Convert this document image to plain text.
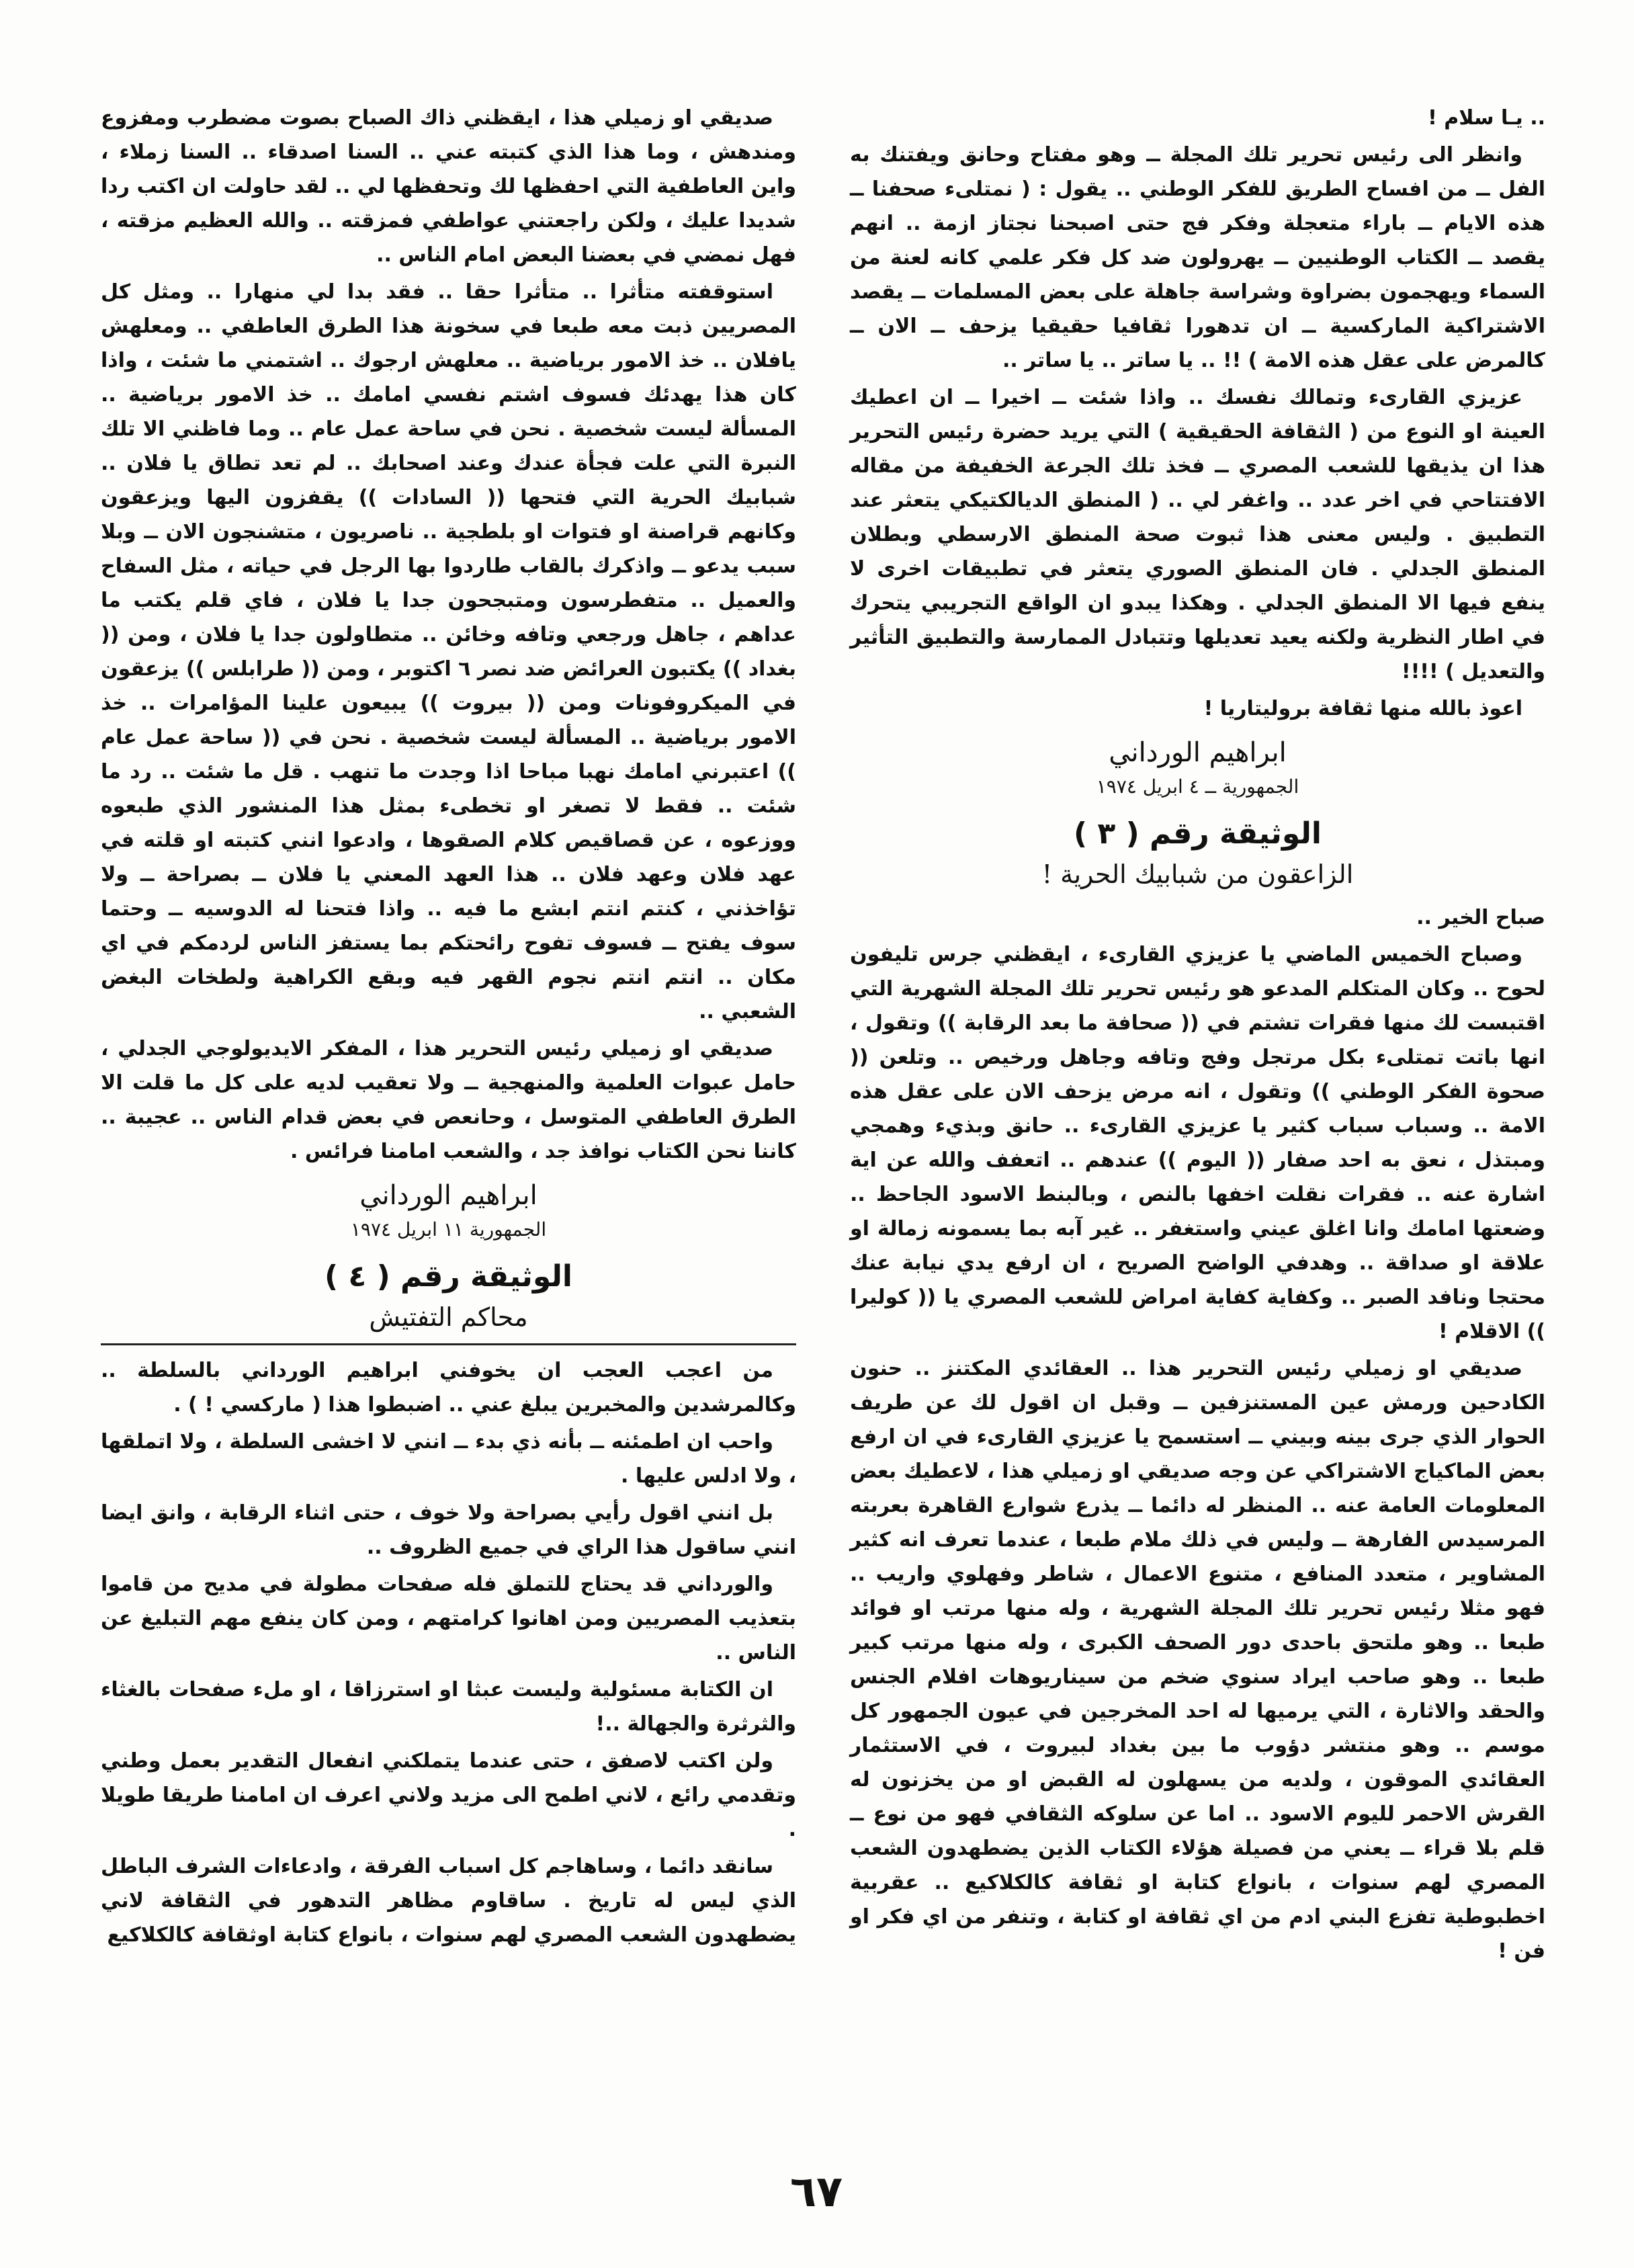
.. يـا سلام !

وانظر الى رئيس تحرير تلك المجلة ــ وهو مفتاح وحانق ويفتنك به الفل ــ من افساح الطريق للفكر الوطني .. يقول : ( نمتلىء صحفنا ــ هذه الايام ــ باراء متعجلة وفكر فج حتى اصبحنا نجتاز ازمة .. انهم يقصد ــ الكتاب الوطنيين ــ يهرولون ضد كل فكر علمي كانه لعنة من السماء ويهجمون بضراوة وشراسة جاهلة على بعض المسلمات ــ يقصد الاشتراكية الماركسية ــ ان تدهورا ثقافيا حقيقيا يزحف ــ الان ــ كالمرض على عقل هذه الامة ) !! .. يا ساتر .. يا ساتر ..

عزيزي القارىء وتمالك نفسك .. واذا شئت ــ اخيرا ــ ان اعطيك العينة او النوع من ( الثقافة الحقيقية ) التي يريد حضرة رئيس التحرير هذا ان يذيقها للشعب المصري ــ فخذ تلك الجرعة الخفيفة من مقاله الافتتاحي في اخر عدد .. واغفر لي .. ( المنطق الديالكتيكي يتعثر عند التطبيق . وليس معنى هذا ثبوت صحة المنطق الارسطي وبطلان المنطق الجدلي . فان المنطق الصوري يتعثر في تطبيقات اخرى لا ينفع فيها الا المنطق الجدلي . وهكذا يبدو ان الواقع التجريبي يتحرك في اطار النظرية ولكنه يعيد تعديلها وتتبادل الممارسة والتطبيق التأثير والتعديل ) !!!!

اعوذ بالله منها ثقافة بروليتاريا !

ابراهيم الورداني
الجمهورية ــ ٤ ابريل ١٩٧٤
الوثيقة رقم ( ٣ )
الزاعقون من شبابيك الحرية !

صباح الخير ..

وصباح الخميس الماضي يا عزيزي القارىء ، ايقظني جرس تليفون لحوح .. وكان المتكلم المدعو هو رئيس تحرير تلك المجلة الشهرية التي اقتبست لك منها فقرات تشتم في (( صحافة ما بعد الرقابة )) وتقول ، انها باتت تمتلىء بكل مرتجل وفج وتافه وجاهل ورخيص .. وتلعن (( صحوة الفكر الوطني )) وتقول ، انه مرض يزحف الان على عقل هذه الامة .. وسباب سباب كثير يا عزيزي القارىء .. حانق وبذيء وهمجي ومبتذل ، نعق به احد صفار (( اليوم )) عندهم .. اتعفف والله عن اية اشارة عنه .. فقرات نقلت اخفها بالنص ، وبالبنط الاسود الجاحظ .. وضعتها امامك وانا اغلق عيني واستغفر .. غير آبه بما يسمونه زمالة او علاقة او صداقة .. وهدفي الواضح الصريح ، ان ارفع يدي نيابة عنك محتجا ونافد الصبر .. وكفاية كفاية امراض للشعب المصري يا (( كوليرا )) الاقلام !

صديقي او زميلي رئيس التحرير هذا .. العقائدي المكتنز .. حنون الكادحين ورمش عين المستنزفين ــ وقبل ان اقول لك عن طريف الحوار الذي جرى بينه وبيني ــ استسمح يا عزيزي القارىء في ان ارفع بعض الماكياج الاشتراكي عن وجه صديقي او زميلي هذا ، لاعطيك بعض المعلومات العامة عنه .. المنظر له دائما ــ يذرع شوارع القاهرة بعربته المرسيدس الفارهة ــ وليس في ذلك ملام طبعا ، عندما تعرف انه كثير المشاوير ، متعدد المنافع ، متنوع الاعمال ، شاطر وفهلوي واريب .. فهو مثلا رئيس تحرير تلك المجلة الشهرية ، وله منها مرتب او فوائد طبعا .. وهو ملتحق باحدى دور الصحف الكبرى ، وله منها مرتب كبير طبعا .. وهو صاحب ايراد سنوي ضخم من سيناريوهات افلام الجنس والحقد والاثارة ، التي يرميها له احد المخرجين في عيون الجمهور كل موسم .. وهو منتشر دؤوب ما بين بغداد لبيروت ، في الاستثمار العقائدي الموقون ، ولديه من يسهلون له القبض او من يخزنون له القرش الاحمر لليوم الاسود .. اما عن سلوكه الثقافي فهو من نوع ــ قلم بلا قراء ــ يعني من فصيلة هؤلاء الكتاب الذين يضطهدون الشعب المصري لهم سنوات ، بانواع كتابة او ثقافة كالكلاكيع .. عقربية اخطبوطية تفزع البني ادم من اي ثقافة او كتابة ، وتنفر من اي فكر او فن !

صديقي او زميلي هذا ، ايقظني ذاك الصباح بصوت مضطرب ومفزوع ومندهش ، وما هذا الذي كتبته عني .. السنا اصدقاء .. السنا زملاء ، واين العاطفية التي احفظها لك وتحفظها لي .. لقد حاولت ان اكتب ردا شديدا عليك ، ولكن راجعتني عواطفي فمزقته .. والله العظيم مزقته ، فهل نمضي في بعضنا البعض امام الناس ..

استوقفته متأثرا .. متأثرا حقا .. فقد بدا لي منهارا .. ومثل كل المصريين ذبت معه طبعا في سخونة هذا الطرق العاطفي .. ومعلهش يافلان .. خذ الامور برياضية .. معلهش ارجوك .. اشتمني ما شئت ، واذا كان هذا يهدئك فسوف اشتم نفسي امامك .. خذ الامور برياضية .. المسألة ليست شخصية . نحن في ساحة عمل عام .. وما فاظني الا تلك النبرة التي علت فجأة عندك وعند اصحابك .. لم تعد تطاق يا فلان .. شبابيك الحرية التي فتحها (( السادات )) يقفزون اليها ويزعقون وكانهم قراصنة او فتوات او بلطجية .. ناصريون ، متشنجون الان ــ وبلا سبب يدعو ــ واذكرك بالقاب طاردوا بها الرجل في حياته ، مثل السفاح والعميل .. متفطرسون ومتبجحون جدا يا فلان ، فاي قلم يكتب ما عداهم ، جاهل ورجعي وتافه وخائن .. متطاولون جدا يا فلان ، ومن (( بغداد )) يكتبون العرائض ضد نصر ٦ اكتوبر ، ومن (( طرابلس )) يزعقون في الميكروفونات ومن (( بيروت )) يبيعون علينا المؤامرات .. خذ الامور برياضية .. المسألة ليست شخصية . نحن في (( ساحة عمل عام )) اعتبرني امامك نهبا مباحا اذا وجدت ما تنهب . قل ما شئت .. رد ما شئت .. فقط لا تصغر او تخطىء بمثل هذا المنشور الذي طبعوه ووزعوه ، عن قصاقيص كلام الصقوها ، وادعوا انني كتبته او قلته في عهد فلان وعهد فلان .. هذا العهد المعني يا فلان ــ بصراحة ــ ولا تؤاخذني ، كنتم انتم ابشع ما فيه .. واذا فتحنا له الدوسيه ــ وحتما سوف يفتح ــ فسوف تفوح رائحتكم بما يستفز الناس لردمكم في اي مكان .. انتم انتم نجوم القهر فيه وبقع الكراهية ولطخات البغض الشعبي ..

صديقي او زميلي رئيس التحرير هذا ، المفكر الايديولوجي الجدلي ، حامل عبوات العلمية والمنهجية ــ ولا تعقيب لديه على كل ما قلت الا الطرق العاطفي المتوسل ، وحانعص في بعض قدام الناس .. عجيبة .. كاننا نحن الكتاب نوافذ جد ، والشعب امامنا فرائس .

ابراهيم الورداني
الجمهورية ١١ ابريل ١٩٧٤
الوثيقة رقم ( ٤ )
محاكم التفتيش

من اعجب العجب ان يخوفني ابراهيم الورداني بالسلطة .. وكالمرشدين والمخبرين يبلغ عني .. اضبطوا هذا ( ماركسي ! ) .

واحب ان اطمئنه ــ بأنه ذي بدء ــ انني لا اخشى السلطة ، ولا اتملقها ، ولا ادلس عليها .

بل انني اقول رأيي بصراحة ولا خوف ، حتى اثناء الرقابة ، وانق ايضا انني ساقول هذا الراي في جميع الظروف ..

والورداني قد يحتاج للتملق فله صفحات مطولة في مديح من قاموا بتعذيب المصريين ومن اهانوا كرامتهم ، ومن كان ينفع مهم التبليغ عن الناس ..

ان الكتابة مسئولية وليست عبثا او استرزاقا ، او ملء صفحات بالغثاء والثرثرة والجهالة ..!

ولن اكتب لاصفق ، حتى عندما يتملكني انفعال التقدير بعمل وطني وتقدمي رائع ، لاني اطمح الى مزيد ولاني اعرف ان امامنا طريقا طويلا .

سانقد دائما ، وساهاجم كل اسباب الفرقة ، وادعاءات الشرف الباطل الذي ليس له تاريخ . ساقاوم مظاهر التدهور في الثقافة لاني يضطهدون الشعب المصري لهم سنوات ، بانواع كتابة اوثقافة كالكلاكيع

٦٧
